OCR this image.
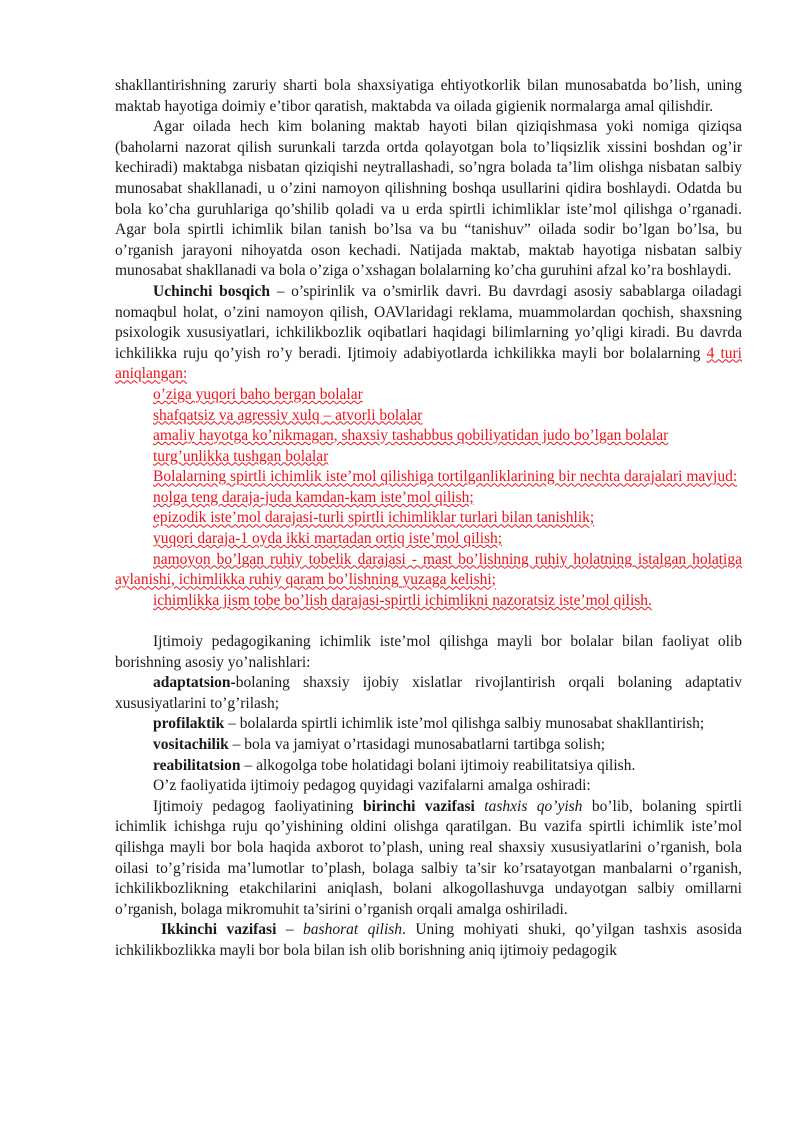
shakllantirishning zaruriy sharti bola shaxsiyatiga ehtiyotkorlik bilan munosabatda bo’lish, uning maktab hayotiga doimiy e’tibor qaratish, maktabda va oilada gigienik normalarga amal qilishdir.

Agar oilada hech kim bolaning maktab hayoti bilan qiziqishmasa yoki nomiga qiziqsa (baholarni nazorat qilish surunkali tarzda ortda qolayotgan bola to’liqsizlik xissini boshdan og’ir kechiradi) maktabga nisbatan qiziqishi neytrallashadi, so’ngra bolada ta’lim olishga nisbatan salbiy munosabat shakllanadi, u o’zini namoyon qilishning boshqa usullarini qidira boshlaydi. Odatda bu bola ko’cha guruhlariga qo’shilib qoladi va u erda spirtli ichimliklar iste’mol qilishga o’rganadi. Agar bola spirtli ichimlik bilan tanish bo’lsa va bu “tanishuv” oilada sodir bo’lgan bo’lsa, bu o’rganish jarayoni nihoyatda oson kechadi. Natijada maktab, maktab hayotiga nisbatan salbiy munosabat shakllanadi va bola o’ziga o’xshagan bolalarning ko’cha guruhini afzal ko’ra boshlaydi.

Uchinchi bosqich – o’spirinlik va o’smirlik davri. Bu davrdagi asosiy sabablarga oiladagi nomaqbul holat, o’zini namoyon qilish, OAVlaridagi reklama, muammolardan qochish, shaxsning psixologik xususiyatlari, ichkilikbozlik oqibatlari haqidagi bilimlarning yo’qligi kiradi. Bu davrda ichkilikka ruju qo’yish ro’y beradi. Ijtimoiy adabiyotlarda ichkilikka mayli bor bolalarning 4 turi aniqlangan:

o’ziga yuqori baho bergan bolalar

shafqatsiz va agressiv xulq – atvorli bolalar

amaliy hayotga ko’nikmagan, shaxsiy tashabbus qobiliyatidan judo bo’lgan bolalar

turg’unlikka tushgan bolalar

Bolalarning spirtli ichimlik iste’mol qilishiga tortilganliklarining bir nechta darajalari mavjud:

nolga teng daraja-juda kamdan-kam iste’mol qilish;

epizodik iste’mol darajasi-turli spirtli ichimliklar turlari bilan tanishlik;

yuqori daraja-1 oyda ikki martadan ortiq iste’mol qilish;

namoyon bo’lgan ruhiy tobelik darajasi - mast bo’lishning ruhiy holatning istalgan holatiga aylanishi, ichimlikka ruhiy qaram bo’lishning yuzaga kelishi;

ichimlikka jism tobe bo’lish darajasi-spirtli ichimlikni nazoratsiz iste’mol qilish.

Ijtimoiy pedagogikaning ichimlik iste’mol qilishga mayli bor bolalar bilan faoliyat olib borishning asosiy yo’nalishlari:

adaptatsion-bolaning shaxsiy ijobiy xislatlar rivojlantirish orqali bolaning adaptativ xususiyatlarini to’g’rilash;

profilaktik – bolalarda spirtli ichimlik iste’mol qilishga salbiy munosabat shakllantirish;

vositachilik – bola va jamiyat o’rtasidagi munosabatlarni tartibga solish;

reabilitatsion – alkogolga tobe holatidagi bolani ijtimoiy reabilitatsiya qilish.

O’z faoliyatida ijtimoiy pedagog quyidagi vazifalarni amalga oshiradi:

Ijtimoiy pedagog faoliyatining birinchi vazifasi tashxis qo’yish bo’lib, bolaning spirtli ichimlik ichishga ruju qo’yishining oldini olishga qaratilgan. Bu vazifa spirtli ichimlik iste’mol qilishga mayli bor bola haqida axborot to’plash, uning real shaxsiy xususiyatlarini o’rganish, bola oilasi to’g’risida ma’lumotlar to’plash, bolaga salbiy ta’sir ko’rsatayotgan manbalarni o’rganish, ichkilikbozlikning etakchilarini aniqlash, bolani alkogollashuvga undayotgan salbiy omillarni o’rganish, bolaga mikromuhit ta’sirini o’rganish orqali amalga oshiriladi.

Ikkinchi vazifasi – bashorat qilish. Uning mohiyati shuki, qo’yilgan tashxis asosida ichkilikbozlikka mayli bor bola bilan ish olib borishning aniq ijtimoiy pedagogik
